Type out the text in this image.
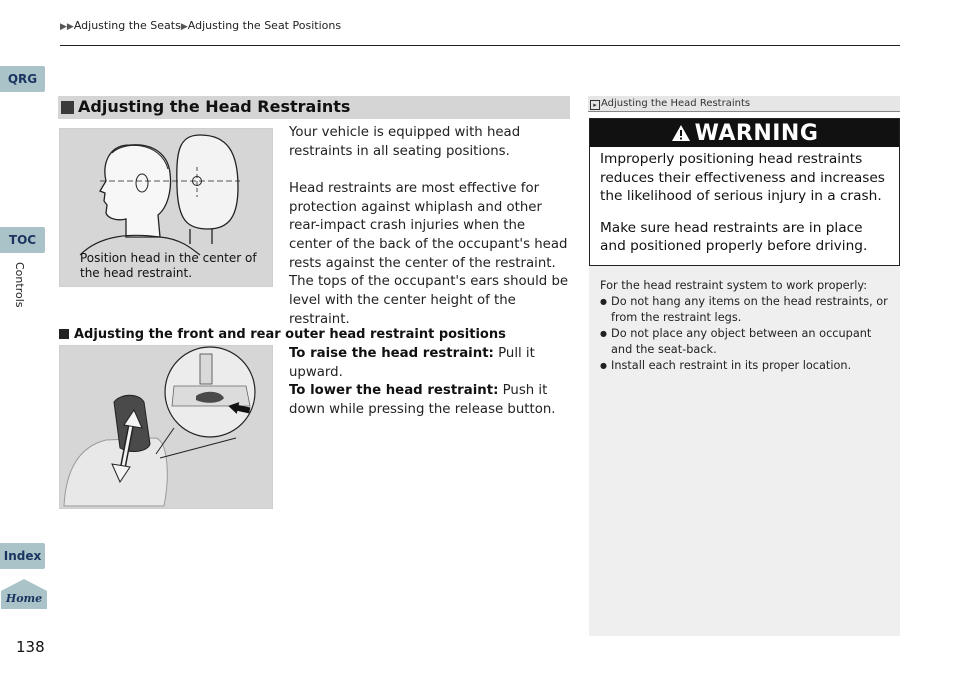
▶▶Adjusting the Seats▶Adjusting the Seat Positions
QRG
TOC
Controls
Index
Home
138
Adjusting the Head Restraints
Position head in the center of the head restraint.

Your vehicle is equipped with head restraints in all seating positions.

Head restraints are most effective for protection against whiplash and other rear-impact crash injuries when the center of the back of the occupant's head rests against the center of the restraint. The tops of the occupant's ears should be level with the center height of the restraint.

Adjusting the front and rear outer head restraint positions
To raise the head restraint: Pull it upward.
To lower the head restraint: Push it down while pressing the release button.
▸ Adjusting the Head Restraints
WARNING

Improperly positioning head restraints reduces their effectiveness and increases the likelihood of serious injury in a crash.

Make sure head restraints are in place and positioned properly before driving.

For the head restraint system to work properly:
● Do not hang any items on the head restraints, or from the restraint legs.
● Do not place any object between an occupant and the seat-back.
● Install each restraint in its proper location.
